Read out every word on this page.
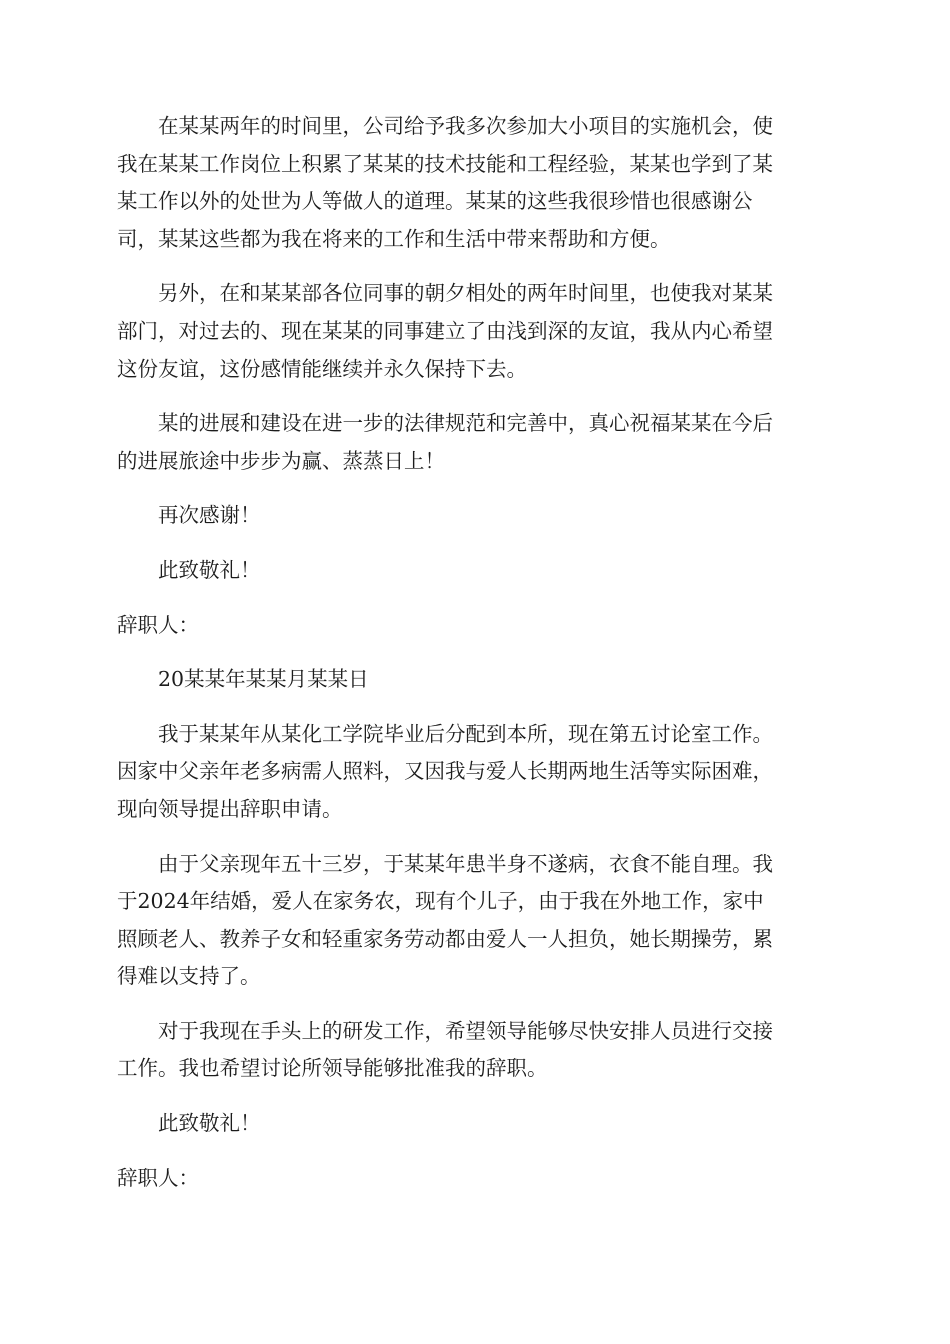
在某某两年的时间里，公司给予我多次参加大小项目的实施机会，使
我在某某工作岗位上积累了某某的技术技能和工程经验，某某也学到了某
某工作以外的处世为人等做人的道理。某某的这些我很珍惜也很感谢公
司，某某这些都为我在将来的工作和生活中带来帮助和方便。

另外，在和某某部各位同事的朝夕相处的两年时间里，也使我对某某
部门，对过去的、现在某某的同事建立了由浅到深的友谊，我从内心希望
这份友谊，这份感情能继续并永久保持下去。

某的进展和建设在进一步的法律规范和完善中，真心祝福某某在今后
的进展旅途中步步为赢、蒸蒸日上！

再次感谢！

此致敬礼！

辞职人：

20某某年某某月某某日

我于某某年从某化工学院毕业后分配到本所，现在第五讨论室工作。
因家中父亲年老多病需人照料，又因我与爱人长期两地生活等实际困难，
现向领导提出辞职申请。

由于父亲现年五十三岁，于某某年患半身不遂病，衣食不能自理。我
于2024年结婚，爱人在家务农，现有个儿子，由于我在外地工作，家中
照顾老人、教养子女和轻重家务劳动都由爱人一人担负，她长期操劳，累
得难以支持了。

对于我现在手头上的研发工作，希望领导能够尽快安排人员进行交接
工作。我也希望讨论所领导能够批准我的辞职。

此致敬礼！

辞职人：
